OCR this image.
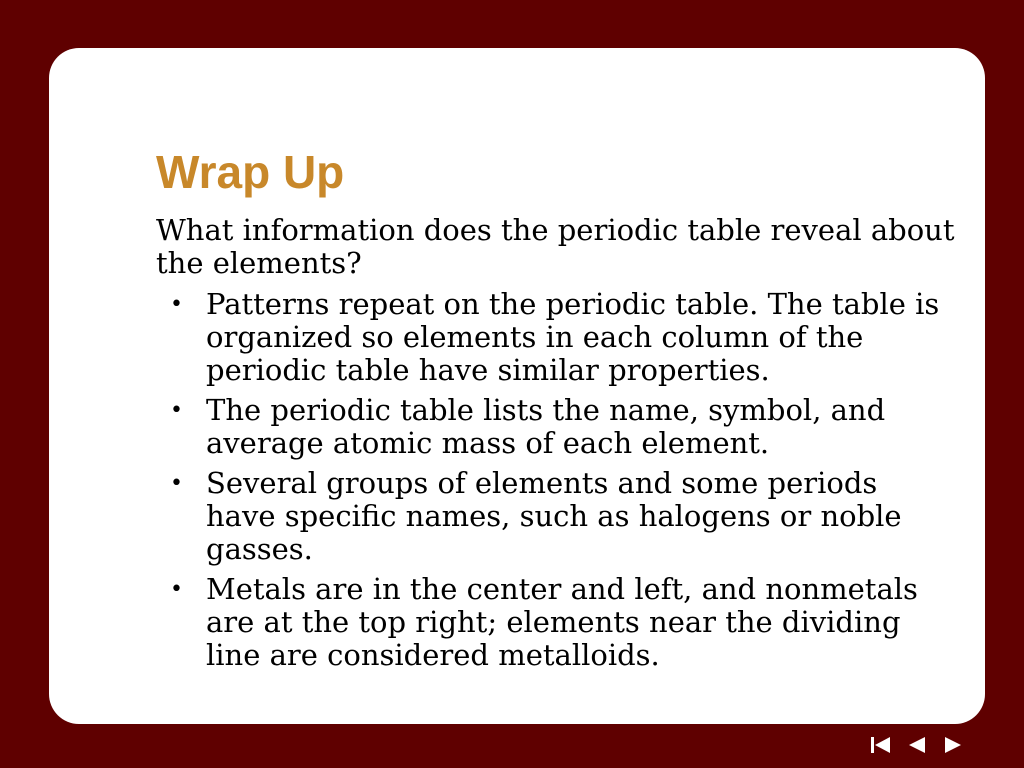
Wrap Up

What information does the periodic table reveal about the elements?

• Patterns repeat on the periodic table. The table is organized so elements in each column of the periodic table have similar properties.
• The periodic table lists the name, symbol, and average atomic mass of each element.
• Several groups of elements and some periods have specific names, such as halogens or noble gasses.
• Metals are in the center and left, and nonmetals are at the top right; elements near the dividing line are considered metalloids.
